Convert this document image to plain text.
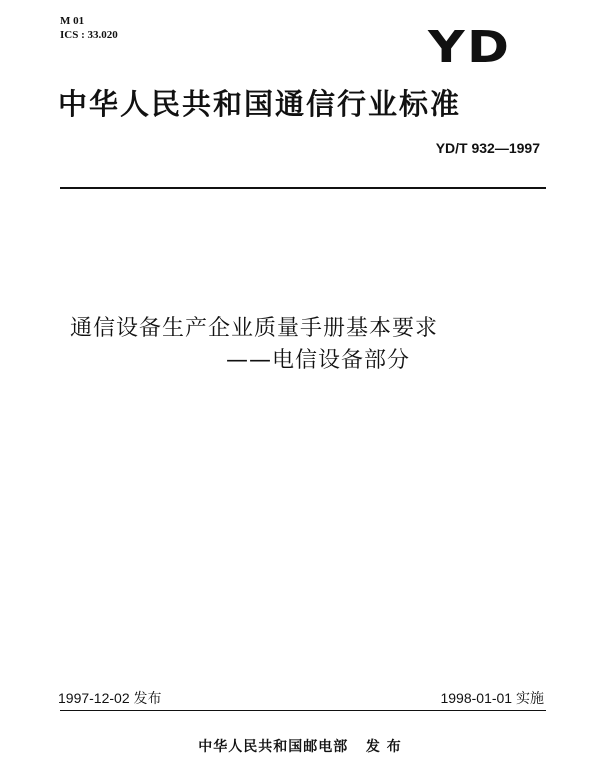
M 01
ICS : 33.020	YD
中华人民共和国通信行业标准
YD/T 932—1997
通信设备生产企业质量手册基本要求
——电信设备部分
1997-12-02 发布	1998-01-01 实施
中华人民共和国邮电部   发 布
